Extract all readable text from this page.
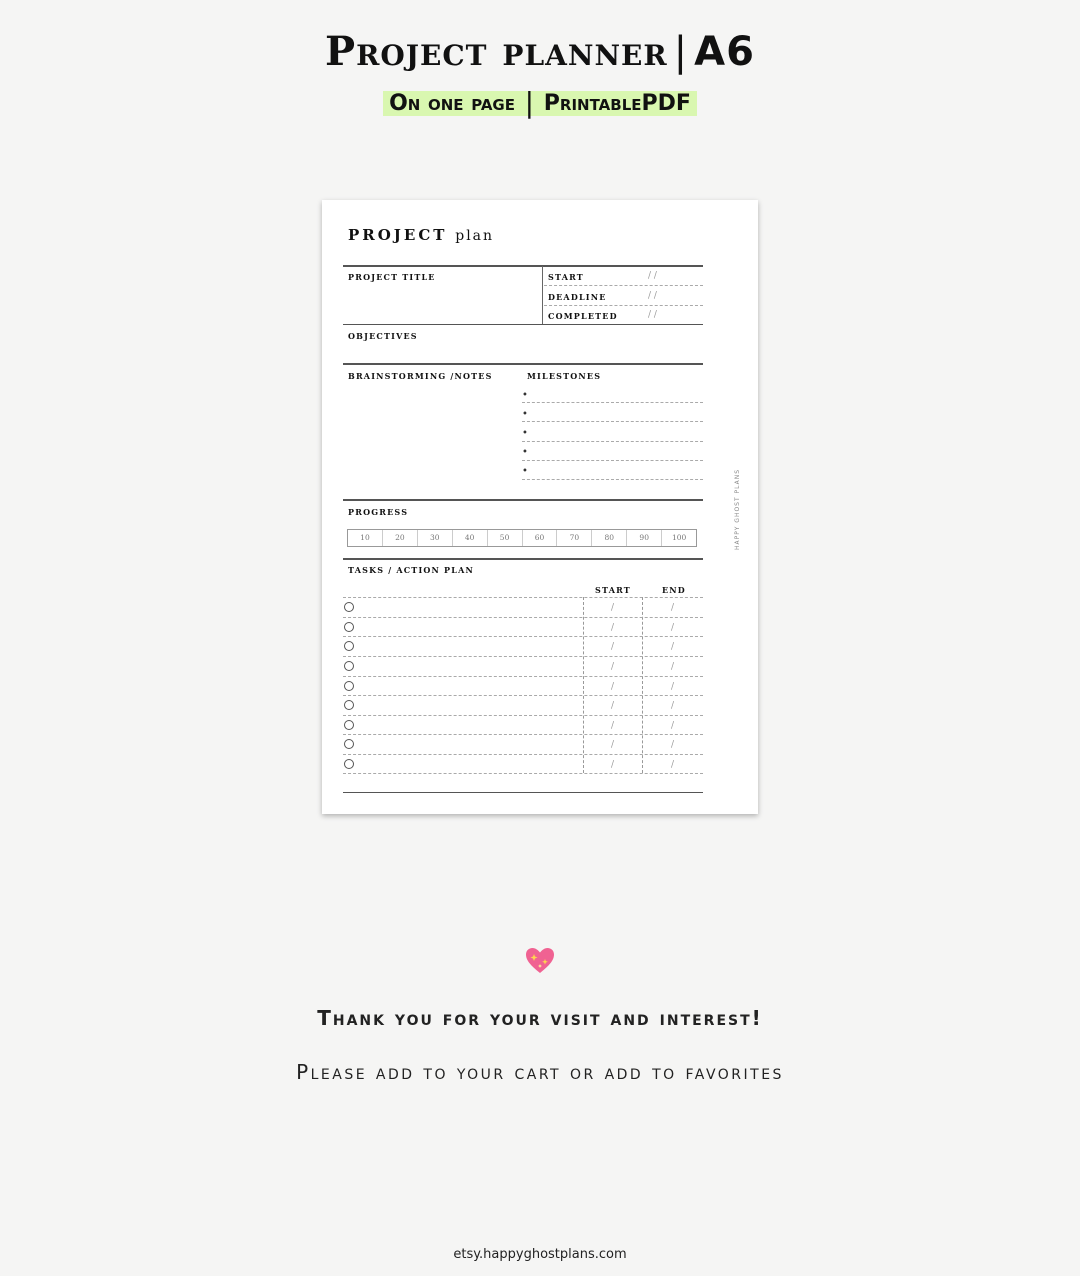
Project planner | A6
On one page | PrintablePDF
PROJECT plan
PROJECT TITLE	START	/ /
DEADLINE	/ /
COMPLETED	/ /
OBJECTIVES
BRAINSTORMING /NOTES	MILESTONES
•
•
•
•
•
PROGRESS
10	20	30	40	50	60	70	80	90	100
TASKS / ACTION PLAN
START	END
/	/
/	/
/	/
/	/
/	/
/	/
/	/
/	/
/	/
HAPPY GHOST PLANS
Thank you for your visit and interest!
Please add to your cart or add to favorites
etsy.happyghostplans.com
